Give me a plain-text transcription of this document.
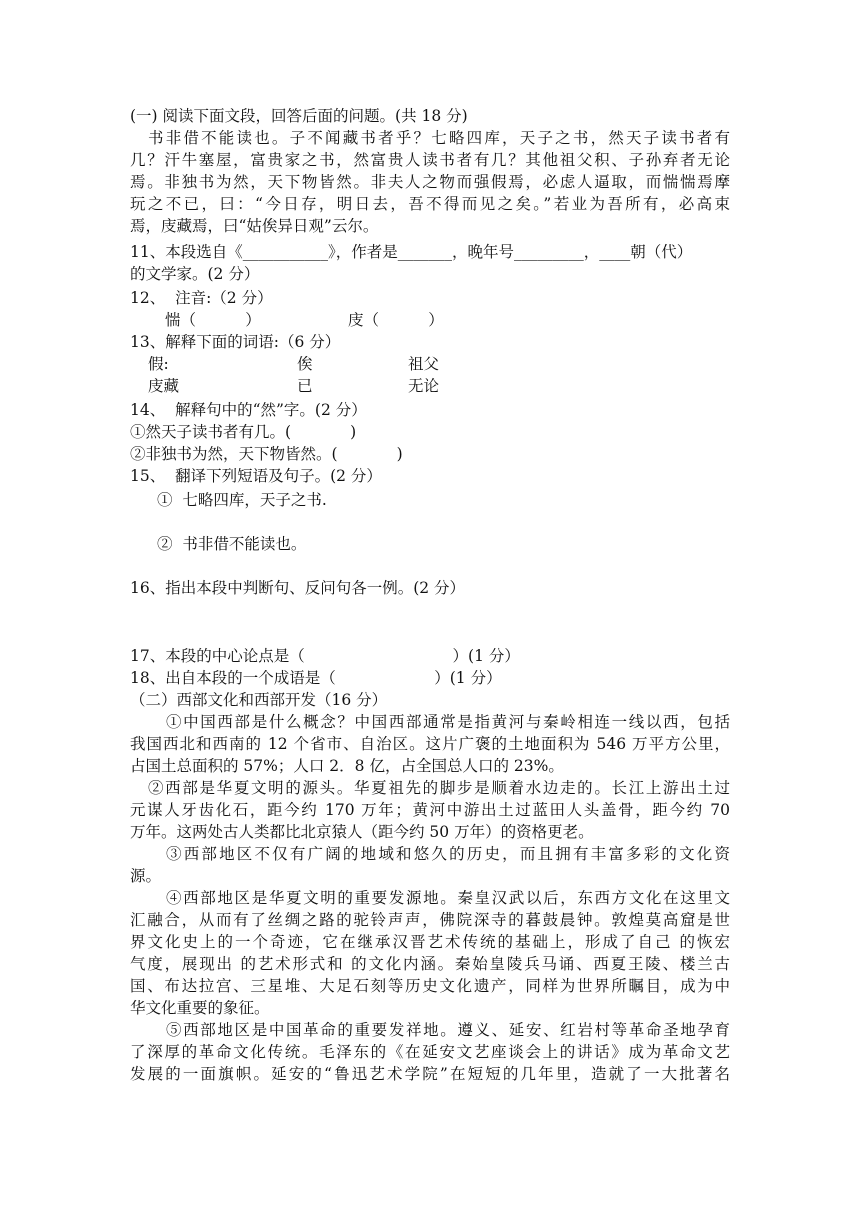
(一) 阅读下面文段，回答后面的问题。(共 18 分)
书非借不能读也。子不闻藏书者乎？七略四库，天子之书，然天子读书者有
几？汗牛塞屋，富贵家之书，然富贵人读书者有几？其他祖父积、子孙弃者无论
焉。非独书为然，天下物皆然。非夫人之物而强假焉，必虑人逼取，而惴惴焉摩
玩之不已，曰：“今日存，明日去，吾不得而见之矣。”若业为吾所有，必高束
焉，庋藏焉，曰“姑俟异日观”云尔。
11、本段选自《___________》，作者是_______，晚年号_________，____朝（代）
的文学家。(2 分）
12、  注音:（2 分）
惴（          ）	庋（          ）
13、解释下面的词语:（6 分）
假:	俟	祖父
庋藏	已	无论
14、  解释句中的“然”字。(2 分）
①然天子读书者有几。(            )
②非独书为然，天下物皆然。(            )
15、  翻译下列短语及句子。(2 分）
①  七略四库，天子之书.
②  书非借不能读也。
16、指出本段中判断句、反问句各一例。(2 分）
17、本段的中心论点是（                              ）(1 分）
18、出自本段的一个成语是（                    ）(1 分）
（二）西部文化和西部开发（16 分）
①中国西部是什么概念？中国西部通常是指黄河与秦岭相连一线以西，包括
我国西北和西南的 12 个省市、自治区。这片广褒的土地面积为 546 万平方公里，
占国土总面积的 57%；人口 2．8 亿，占全国总人口的 23%。
②西部是华夏文明的源头。华夏祖先的脚步是顺着水边走的。长江上游出土过
元谋人牙齿化石，距今约 170 万年；黄河中游出土过蓝田人头盖骨，距今约 70
万年。这两处古人类都比北京猿人（距今约 50 万年）的资格更老。
③西部地区不仅有广阔的地域和悠久的历史，而且拥有丰富多彩的文化资
源。
④西部地区是华夏文明的重要发源地。秦皇汉武以后，东西方文化在这里文
汇融合，从而有了丝绸之路的驼铃声声，佛院深寺的暮鼓晨钟。敦煌莫高窟是世
界文化史上的一个奇迹，它在继承汉晋艺术传统的基础上，形成了自己 的恢宏
气度，展现出 的艺术形式和 的文化内涵。秦始皇陵兵马诵、西夏王陵、楼兰古
国、布达拉宫、三星堆、大足石刻等历史文化遗产，同样为世界所瞩目，成为中
华文化重要的象征。
⑤西部地区是中国革命的重要发祥地。遵义、延安、红岩村等革命圣地孕育
了深厚的革命文化传统。毛泽东的《在延安文艺座谈会上的讲话》成为革命文艺
发展的一面旗帜。延安的“鲁迅艺术学院”在短短的几年里，造就了一大批著名
